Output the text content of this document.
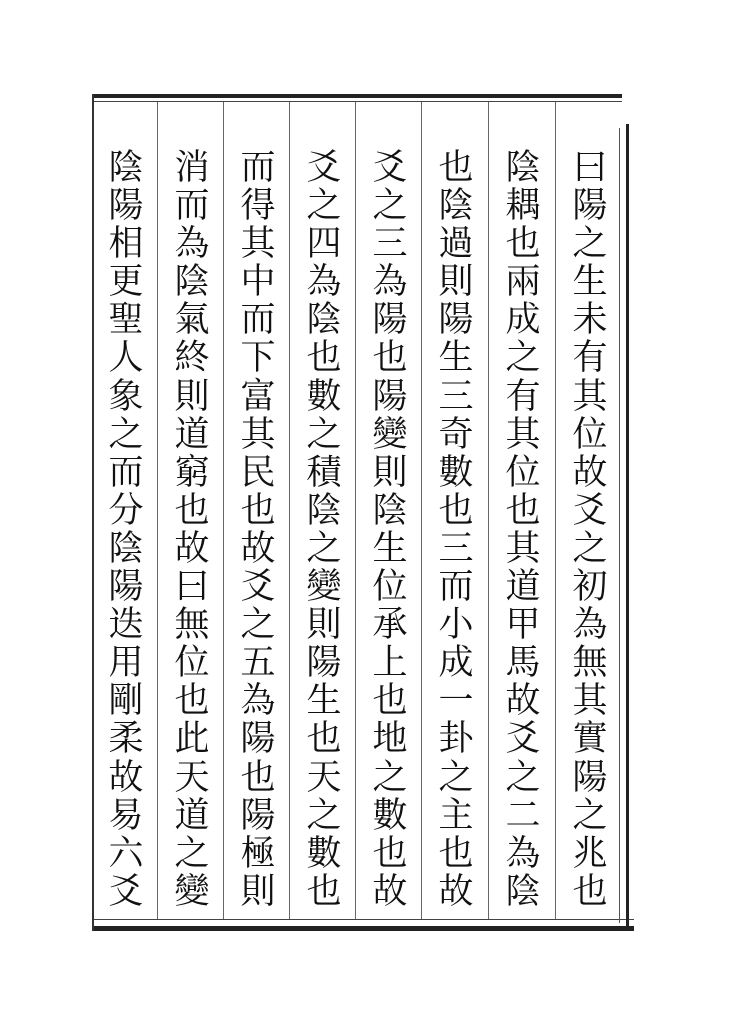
曰
陽
之
生
未
有
其
位
故
爻
之
初
為
無
其
實
陽
之
兆
也
陰
耦
也
兩
成
之
有
其
位
也
其
道
甲
馬
故
爻
之
二
為
陰
也
陰
過
則
陽
生
三
奇
數
也
三
而
小
成
一
卦
之
主
也
故
爻
之
三
為
陽
也
陽
變
則
陰
生
位
承
上
也
地
之
數
也
故
爻
之
四
為
陰
也
數
之
積
陰
之
變
則
陽
生
也
天
之
數
也
而
得
其
中
而
下
富
其
民
也
故
爻
之
五
為
陽
也
陽
極
則
消
而
為
陰
氣
終
則
道
窮
也
故
曰
無
位
也
此
天
道
之
變
陰
陽
相
更
聖
人
象
之
而
分
陰
陽
迭
用
剛
柔
故
易
六
爻
